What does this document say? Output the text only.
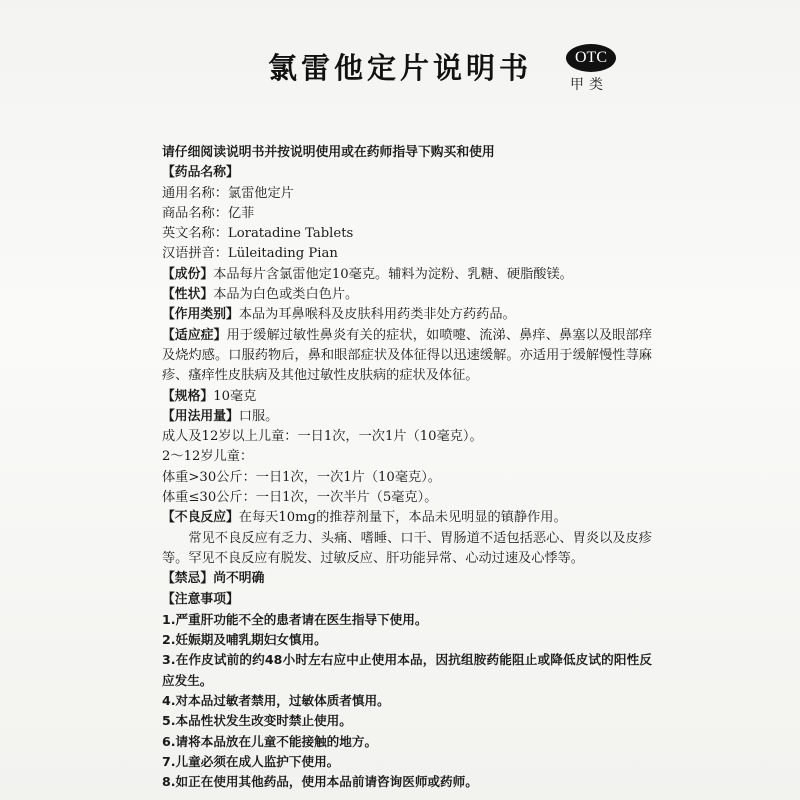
氯雷他定片说明书	OTC
甲类
请仔细阅读说明书并按说明使用或在药师指导下购买和使用
【药品名称】
通用名称：氯雷他定片
商品名称：亿菲
英文名称：Loratadine Tablets
汉语拼音：Lüleitading Pian
【成份】本品每片含氯雷他定10毫克。辅料为淀粉、乳糖、硬脂酸镁。
【性状】本品为白色或类白色片。
【作用类别】本品为耳鼻喉科及皮肤科用药类非处方药药品。
【适应症】用于缓解过敏性鼻炎有关的症状，如喷嚏、流涕、鼻痒、鼻塞以及眼部痒及烧灼感。口服药物后，鼻和眼部症状及体征得以迅速缓解。亦适用于缓解慢性荨麻疹、瘙痒性皮肤病及其他过敏性皮肤病的症状及体征。
【规格】10毫克
【用法用量】口服。
成人及12岁以上儿童：一日1次，一次1片（10毫克）。
2～12岁儿童：
体重>30公斤：一日1次，一次1片（10毫克）。
体重≤30公斤：一日1次，一次半片（5毫克）。
【不良反应】在每天10mg的推荐剂量下，本品未见明显的镇静作用。
常见不良反应有乏力、头痛、嗜睡、口干、胃肠道不适包括恶心、胃炎以及皮疹等。罕见不良反应有脱发、过敏反应、肝功能异常、心动过速及心悸等。
【禁忌】尚不明确
【注意事项】
1.严重肝功能不全的患者请在医生指导下使用。
2.妊娠期及哺乳期妇女慎用。
3.在作皮试前的约48小时左右应中止使用本品，因抗组胺药能阻止或降低皮试的阳性反应发生。
4.对本品过敏者禁用，过敏体质者慎用。
5.本品性状发生改变时禁止使用。
6.请将本品放在儿童不能接触的地方。
7.儿童必须在成人监护下使用。
8.如正在使用其他药品，使用本品前请咨询医师或药师。
